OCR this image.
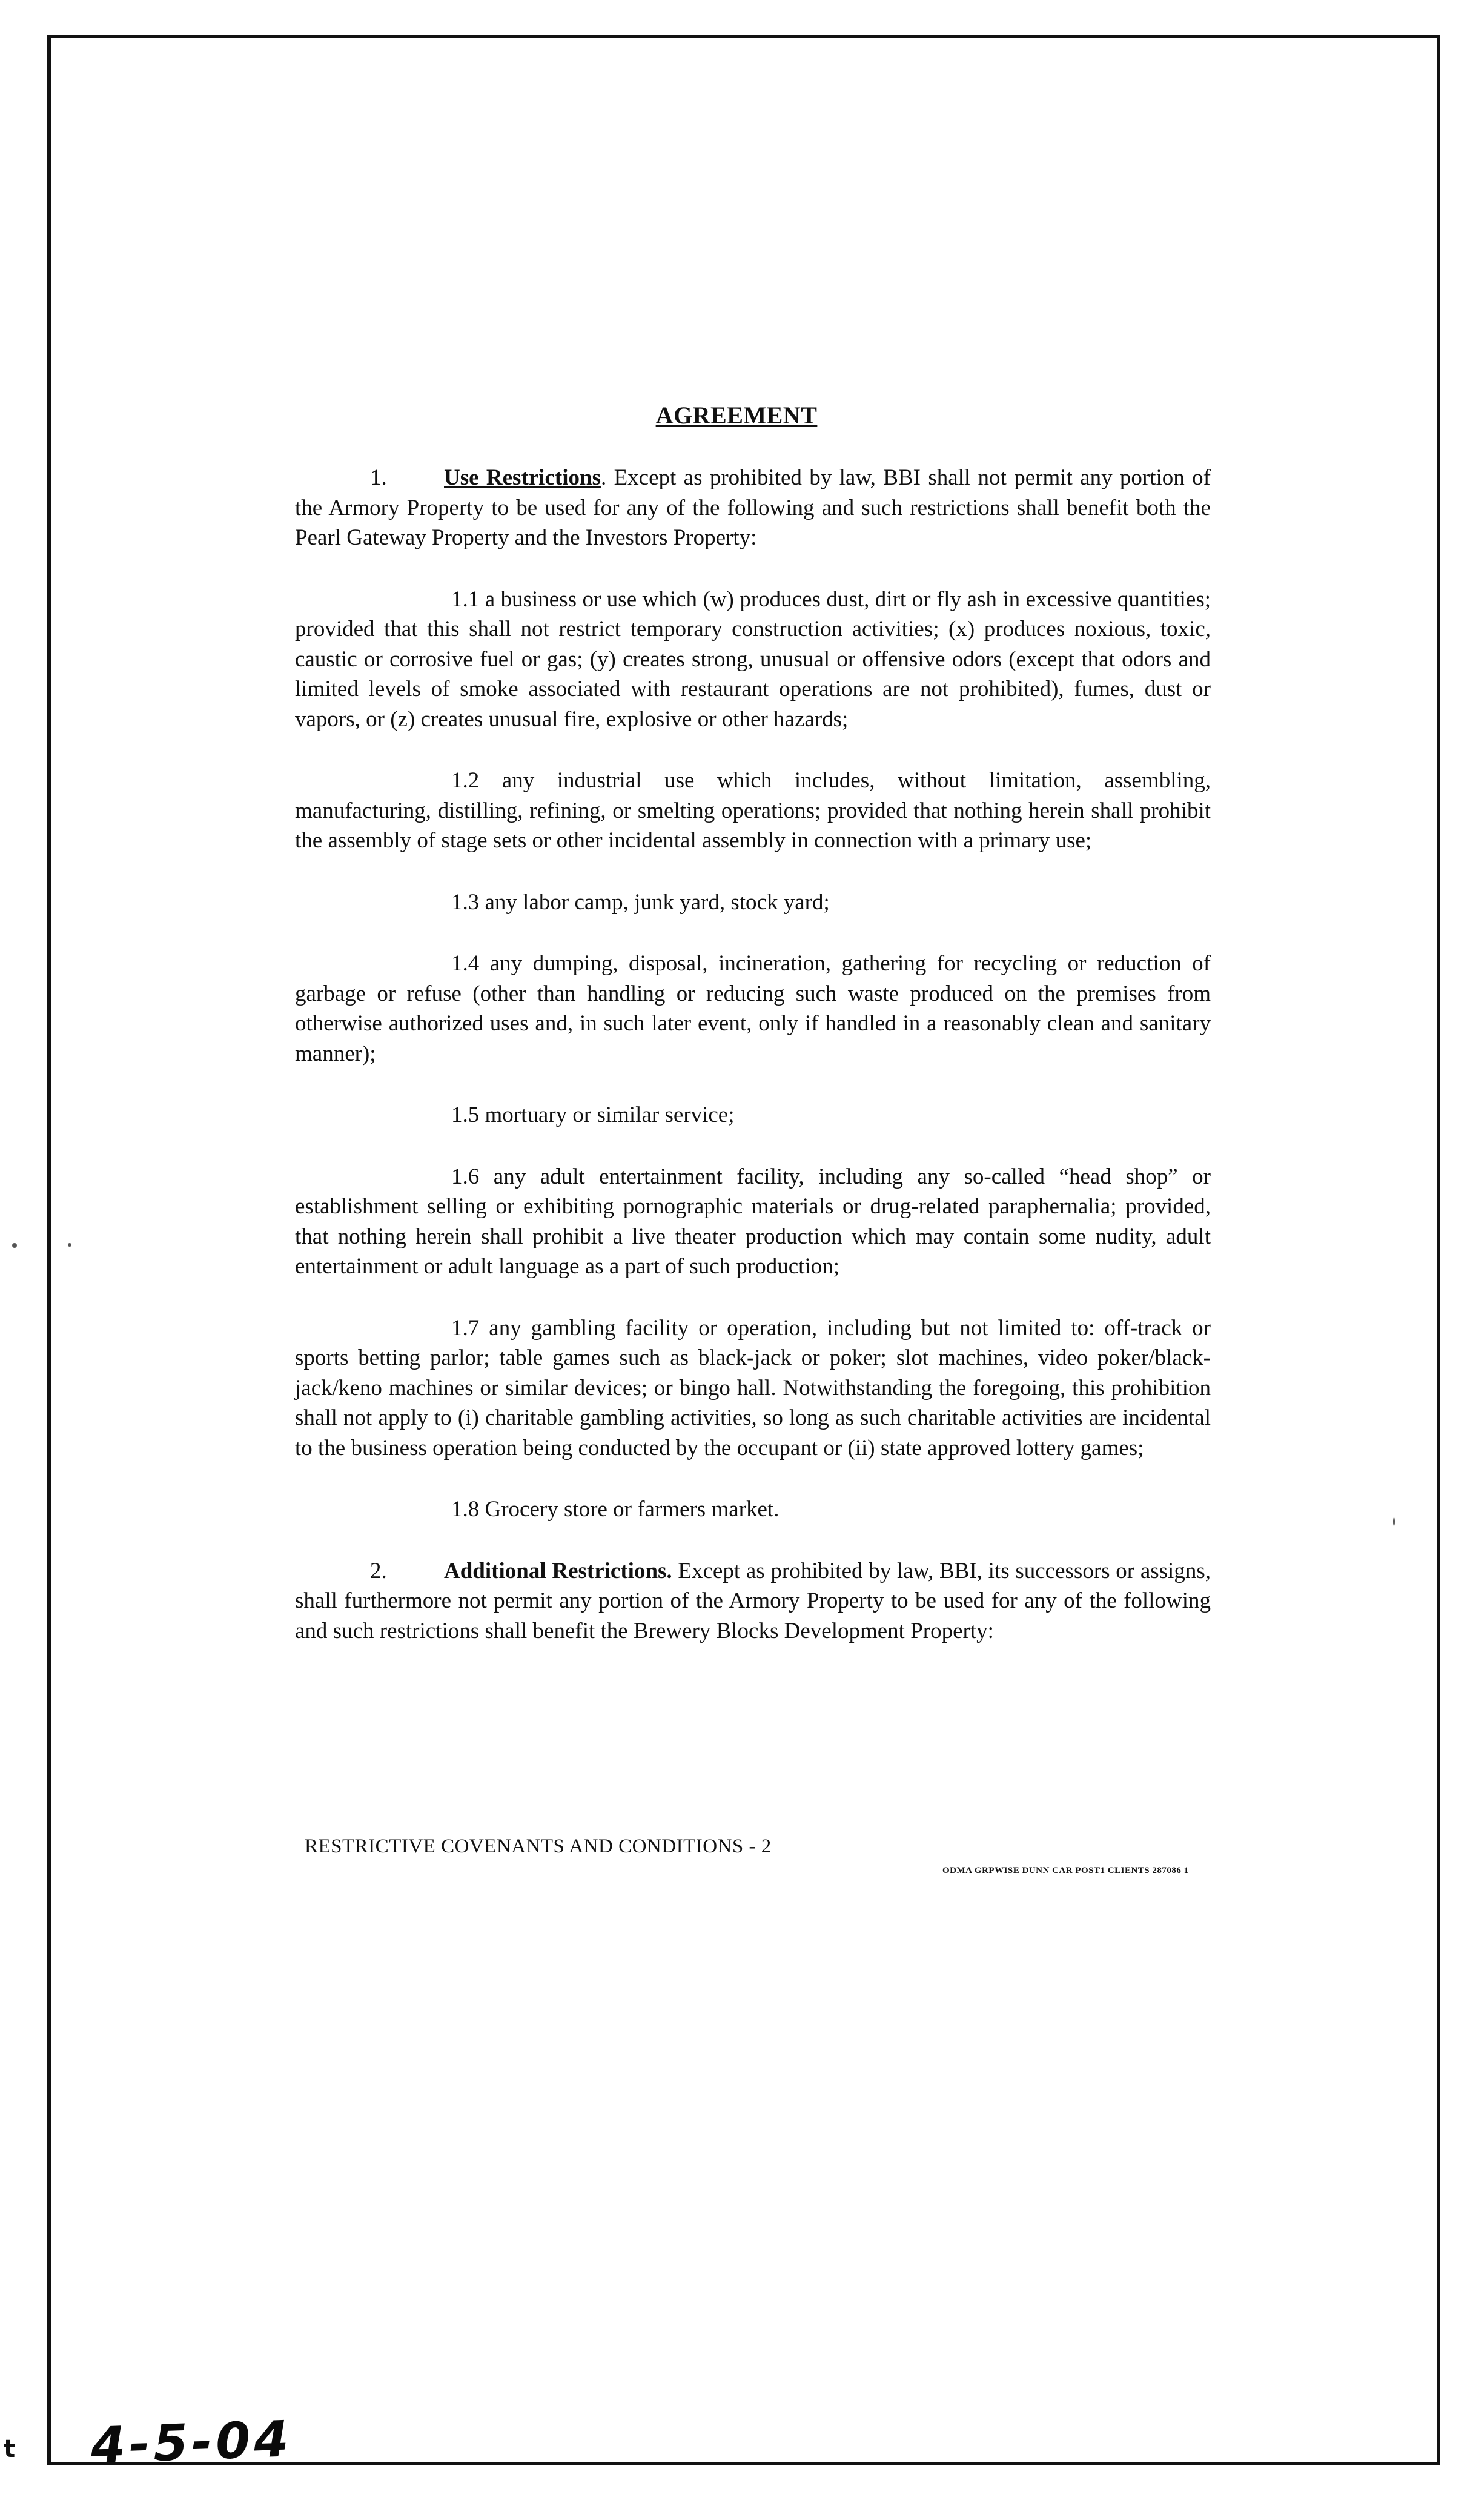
AGREEMENT

1.	Use Restrictions. Except as prohibited by law, BBI shall not permit any portion of the Armory Property to be used for any of the following and such restrictions shall benefit both the Pearl Gateway Property and the Investors Property:

1.1 a business or use which (w) produces dust, dirt or fly ash in excessive quantities; provided that this shall not restrict temporary construction activities; (x) produces noxious, toxic, caustic or corrosive fuel or gas; (y) creates strong, unusual or offensive odors (except that odors and limited levels of smoke associated with restaurant operations are not prohibited), fumes, dust or vapors, or (z) creates unusual fire, explosive or other hazards;

1.2 any industrial use which includes, without limitation, assembling, manufacturing, distilling, refining, or smelting operations; provided that nothing herein shall prohibit the assembly of stage sets or other incidental assembly in connection with a primary use;

1.3 any labor camp, junk yard, stock yard;

1.4 any dumping, disposal, incineration, gathering for recycling or reduction of garbage or refuse (other than handling or reducing such waste produced on the premises from otherwise authorized uses and, in such later event, only if handled in a reasonably clean and sanitary manner);

1.5 mortuary or similar service;

1.6 any adult entertainment facility, including any so-called “head shop” or establishment selling or exhibiting pornographic materials or drug-related paraphernalia; provided, that nothing herein shall prohibit a live theater production which may contain some nudity, adult entertainment or adult language as a part of such production;

1.7 any gambling facility or operation, including but not limited to: off-track or sports betting parlor; table games such as black-jack or poker; slot machines, video poker/black-jack/keno machines or similar devices; or bingo hall. Notwithstanding the foregoing, this prohibition shall not apply to (i) charitable gambling activities, so long as such charitable activities are incidental to the business operation being conducted by the occupant or (ii) state approved lottery games;

1.8 Grocery store or farmers market.

2.	Additional Restrictions. Except as prohibited by law, BBI, its successors or assigns, shall furthermore not permit any portion of the Armory Property to be used for any of the following and such restrictions shall benefit the Brewery Blocks Development Property:

RESTRICTIVE COVENANTS AND CONDITIONS - 2
ODMA GRPWISE DUNN CAR POST1 CLIENTS 287086 1
4-5-04
t
